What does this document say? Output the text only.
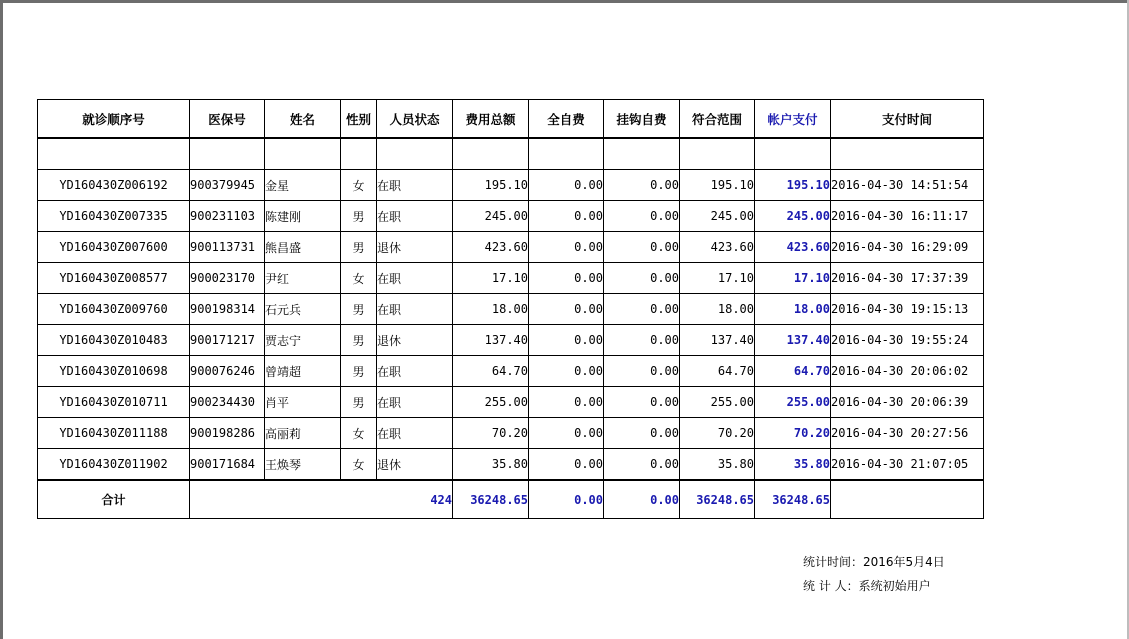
就诊顺序号	医保号	姓名	性别	人员状态	费用总额	全自费	挂钩自费	符合范围	帐户支付	支付时间

YD160430Z006192	900379945	金星	女	在职	195.10	0.00	0.00	195.10	195.10	2016-04-30 14:51:54
YD160430Z007335	900231103	陈建刚	男	在职	245.00	0.00	0.00	245.00	245.00	2016-04-30 16:11:17
YD160430Z007600	900113731	熊昌盛	男	退休	423.60	0.00	0.00	423.60	423.60	2016-04-30 16:29:09
YD160430Z008577	900023170	尹红	女	在职	17.10	0.00	0.00	17.10	17.10	2016-04-30 17:37:39
YD160430Z009760	900198314	石元兵	男	在职	18.00	0.00	0.00	18.00	18.00	2016-04-30 19:15:13
YD160430Z010483	900171217	贾志宁	男	退休	137.40	0.00	0.00	137.40	137.40	2016-04-30 19:55:24
YD160430Z010698	900076246	曾靖超	男	在职	64.70	0.00	0.00	64.70	64.70	2016-04-30 20:06:02
YD160430Z010711	900234430	肖平	男	在职	255.00	0.00	0.00	255.00	255.00	2016-04-30 20:06:39
YD160430Z011188	900198286	高丽莉	女	在职	70.20	0.00	0.00	70.20	70.20	2016-04-30 20:27:56
YD160430Z011902	900171684	王焕琴	女	退休	35.80	0.00	0.00	35.80	35.80	2016-04-30 21:07:05
合计	424				36248.65	0.00	0.00	36248.65	36248.65	
统计时间：2016年5月4日
统 计 人：系统初始用户
